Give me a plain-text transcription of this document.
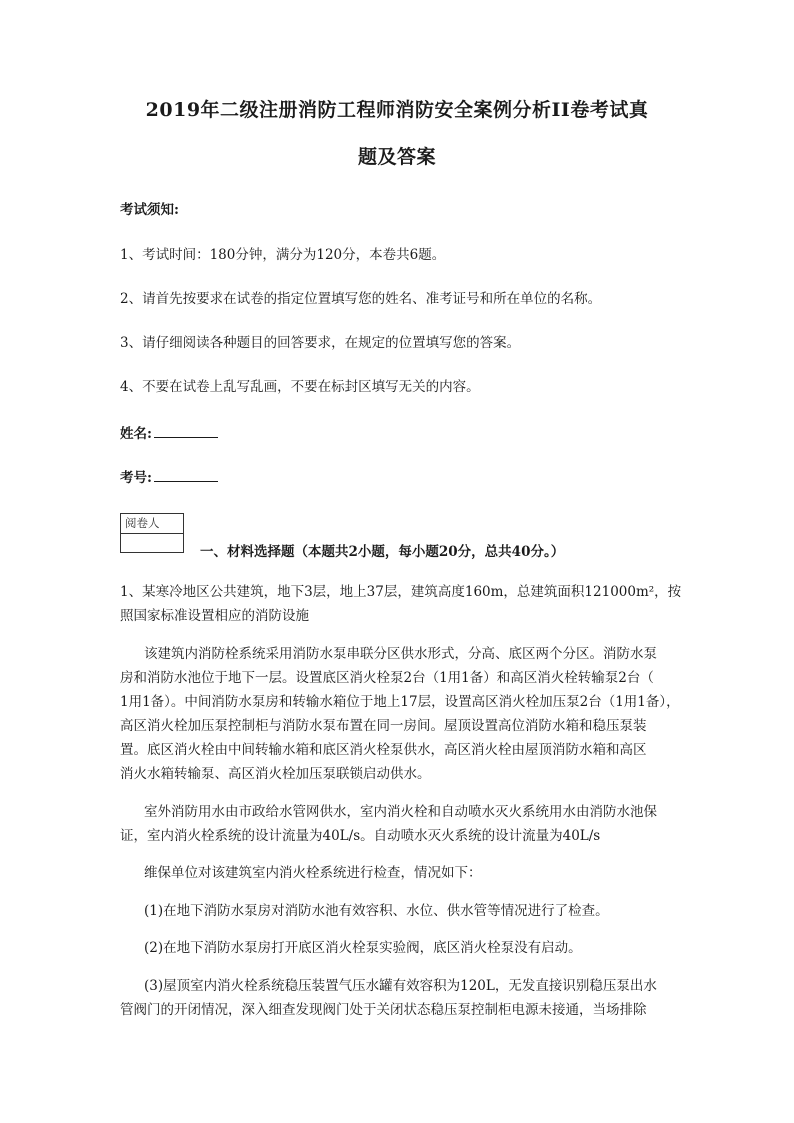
2019年二级注册消防工程师消防安全案例分析II卷考试真
题及答案
考试须知:
1、考试时间：180分钟，满分为120分，本卷共6题。
2、请首先按要求在试卷的指定位置填写您的姓名、准考证号和所在单位的名称。
3、请仔细阅读各种题目的回答要求，在规定的位置填写您的答案。
4、不要在试卷上乱写乱画，不要在标封区填写无关的内容。
姓名:
考号:
阅卷人
一、材料选择题（本题共2小题，每小题20分，总共40分。）
1、某寒冷地区公共建筑，地下3层，地上37层，建筑高度160m，总建筑面积121000m²，按
照国家标准设置相应的消防设施
该建筑内消防栓系统采用消防水泵串联分区供水形式，分高、底区两个分区。消防水泵
房和消防水池位于地下一层。设置底区消火栓泵2台（1用1备）和高区消火栓转输泵2台（
1用1备）。中间消防水泵房和转输水箱位于地上17层，设置高区消火栓加压泵2台（1用1备），
高区消火栓加压泵控制柜与消防水泵布置在同一房间。屋顶设置高位消防水箱和稳压泵装
置。底区消火栓由中间转输水箱和底区消火栓泵供水，高区消火栓由屋顶消防水箱和高区
消火水箱转输泵、高区消火栓加压泵联锁启动供水。
室外消防用水由市政给水管网供水，室内消火栓和自动喷水灭火系统用水由消防水池保
证，室内消火栓系统的设计流量为40L/s。自动喷水灭火系统的设计流量为40L/s
维保单位对该建筑室内消火栓系统进行检查，情况如下：
(1)在地下消防水泵房对消防水池有效容积、水位、供水管等情况进行了检查。
(2)在地下消防水泵房打开底区消火栓泵实验阀，底区消火栓泵没有启动。
(3)屋顶室内消火栓系统稳压装置气压水罐有效容积为120L，无发直接识别稳压泵出水
管阀门的开闭情况，深入细查发现阀门处于关闭状态稳压泵控制柜电源未接通，当场排除
